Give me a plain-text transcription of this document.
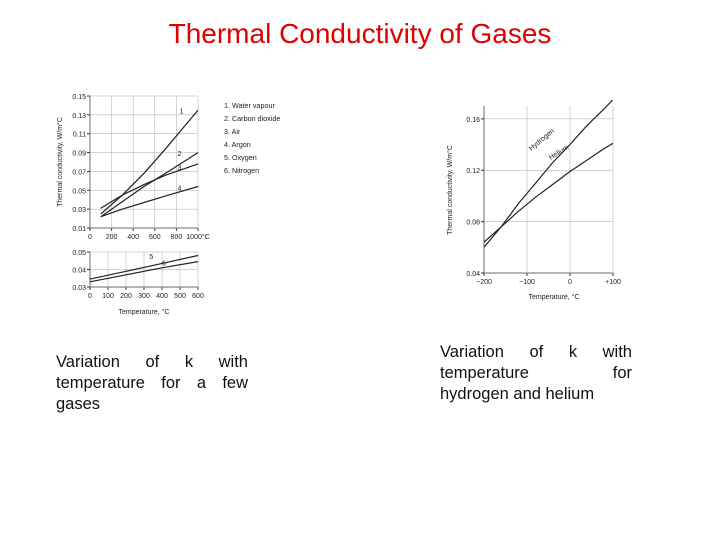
Thermal Conductivity of Gases
0 200 400 600 800 1000°C
0.01
0.03
0.05
0.07
0.09
0.11
0.13
0.15
Thermal conductivity, W/m°C
1
2
3
4
0 100 200 300 400 500 600
0.03
0.04
0.05
Temperature, °C
5
6
1. Water vapour
2. Carbon dioxide
3. Air
4. Argon
5. Oxygen
6. Nitrogen
−200	−100	0	+100
0.04
0.08
0.12
0.16
Thermal conductivity, W/m°C
Temperature, °C
Hydrogen
Helium
Variation of k with
temperature for a few
gases
Variation of k with
temperature for
hydrogen and helium
